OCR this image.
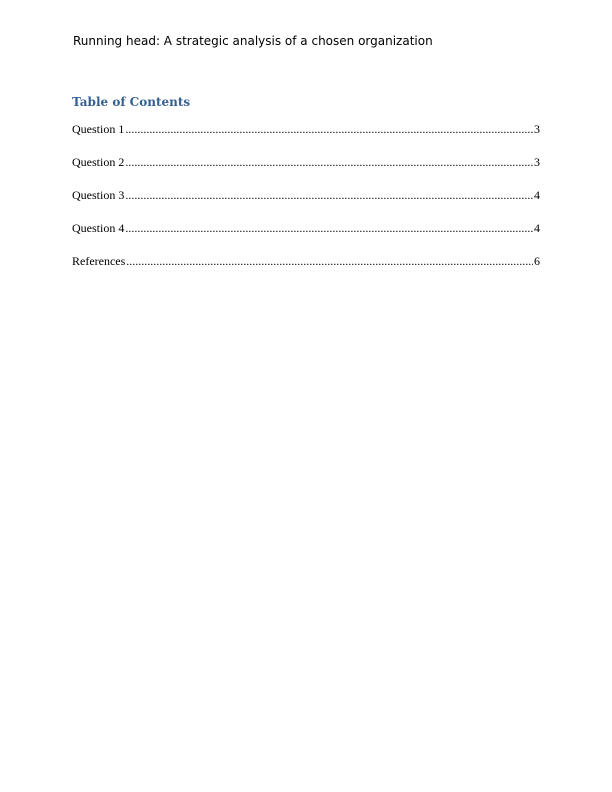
Running head: A strategic analysis of a chosen organization
Table of Contents
Question 1 .....	3
Question 2 .....	3
Question 3 .....	4
Question 4 .....	4
References .....	6
